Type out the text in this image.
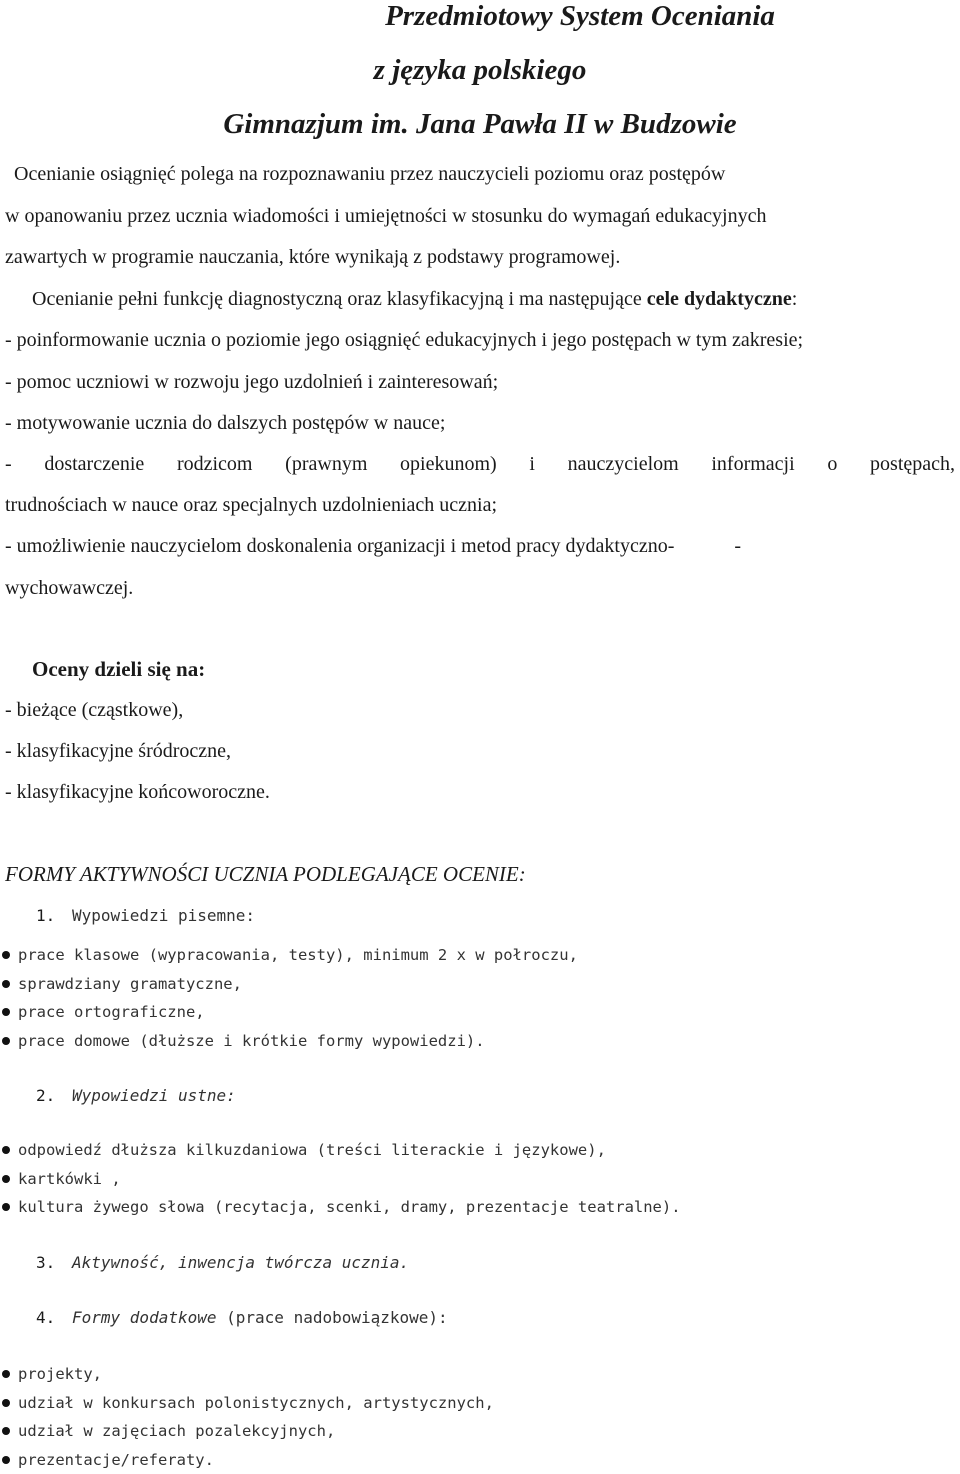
Przedmiotowy System Oceniania
z języka polskiego
Gimnazjum im. Jana Pawła II w Budzowie

Ocenianie osiągnięć polega na rozpoznawaniu przez nauczycieli poziomu oraz postępów

w opanowaniu przez ucznia wiadomości i umiejętności w stosunku do wymagań edukacyjnych

zawartych w programie nauczania, które wynikają z podstawy programowej.

Ocenianie pełni funkcję diagnostyczną oraz klasyfikacyjną i ma następujące cele dydaktyczne:

- poinformowanie ucznia o poziomie jego osiągnięć edukacyjnych i jego postępach w tym zakresie;

- pomoc uczniowi w rozwoju jego uzdolnień i zainteresowań;

- motywowanie ucznia do dalszych postępów w nauce;

- dostarczenie rodzicom (prawnym opiekunom) i nauczycielom informacji o postępach,

trudnościach w nauce oraz specjalnych uzdolnieniach ucznia;

- umożliwienie nauczycielom doskonalenia organizacji i metod pracy dydaktyczno-            -

wychowawczej.

Oceny dzieli się na:

- bieżące (cząstkowe),

- klasyfikacyjne śródroczne,

- klasyfikacyjne końcoworoczne.

FORMY AKTYWNOŚCI UCZNIA PODLEGAJĄCE OCENIE:

1. Wypowiedzi pisemne:

prace klasowe (wypracowania, testy), minimum 2 x w połroczu,
sprawdziany gramatyczne,
prace ortograficzne,
prace domowe (dłuższe i krótkie formy wypowiedzi).

2. Wypowiedzi ustne:

odpowiedź dłuższa kilkuzdaniowa (treści literackie i językowe),
kartkówki ,
kultura żywego słowa (recytacja, scenki, dramy, prezentacje teatralne).

3. Aktywność, inwencja twórcza ucznia.

4. Formy dodatkowe (prace nadobowiązkowe):

projekty,
udział w konkursach polonistycznych, artystycznych,
udział w zajęciach pozalekcyjnych,
prezentacje/referaty.
